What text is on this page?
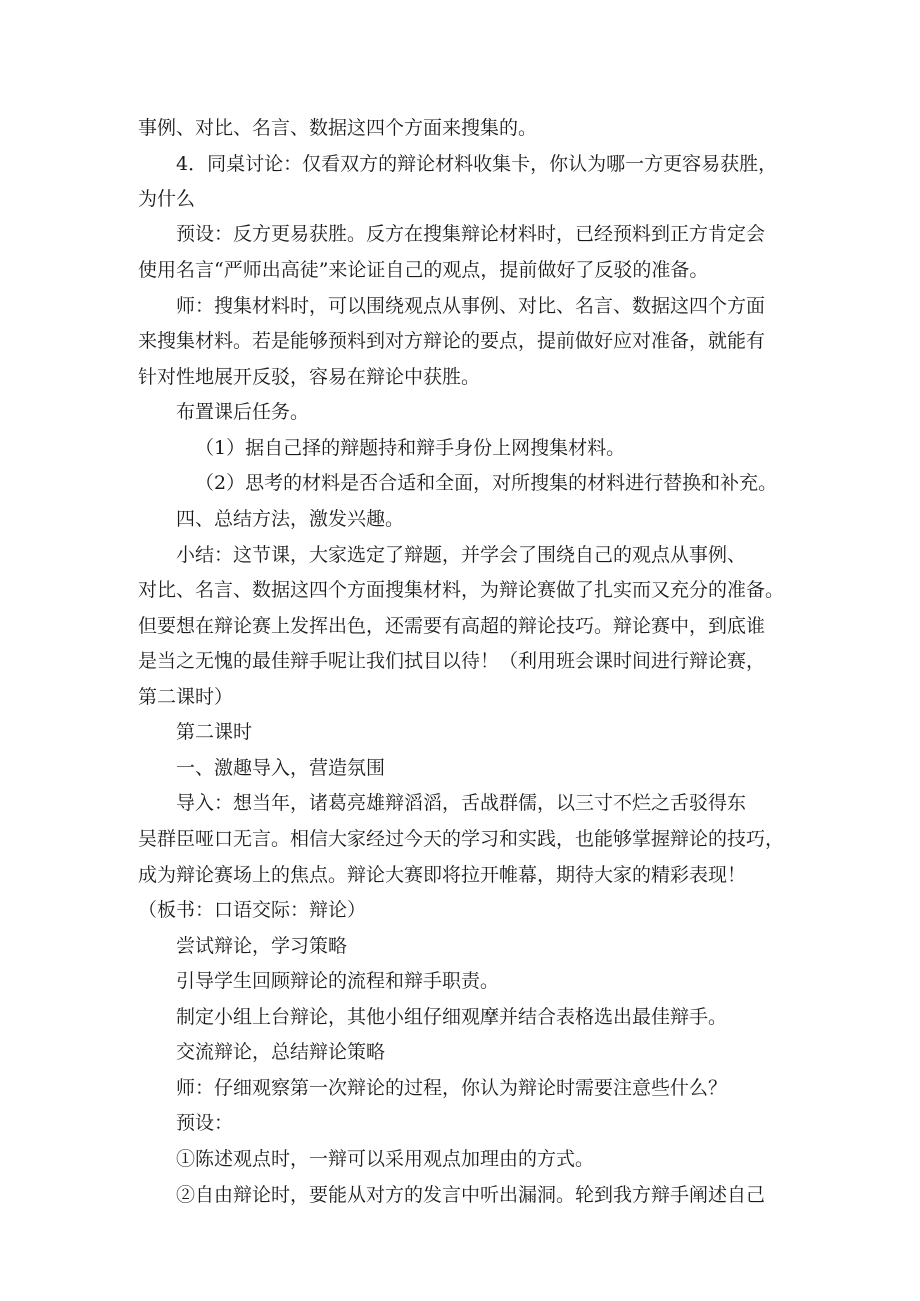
事例、对比、名言、数据这四个方面来搜集的。
4．同桌讨论：仅看双方的辩论材料收集卡，你认为哪一方更容易获胜，
为什么
预设：反方更易获胜。反方在搜集辩论材料时，已经预料到正方肯定会
使用名言“严师出高徒”来论证自己的观点，提前做好了反驳的准备。
师：搜集材料时，可以围绕观点从事例、对比、名言、数据这四个方面
来搜集材料。若是能够预料到对方辩论的要点，提前做好应对准备，就能有
针对性地展开反驳，容易在辩论中获胜。
布置课后任务。
（1）据自己择的辩题持和辩手身份上网搜集材料。
（2）思考的材料是否合适和全面，对所搜集的材料进行替换和补充。
四、总结方法，激发兴趣。
小结：这节课，大家选定了辩题，并学会了围绕自己的观点从事例、
对比、名言、数据这四个方面搜集材料，为辩论赛做了扎实而又充分的准备。
但要想在辩论赛上发挥出色，还需要有高超的辩论技巧。辩论赛中，到底谁
是当之无愧的最佳辩手呢让我们拭目以待！（利用班会课时间进行辩论赛，
第二课时）
第二课时
一、激趣导入，营造氛围
导入：想当年，诸葛亮雄辩滔滔，舌战群儒，以三寸不烂之舌驳得东
吴群臣哑口无言。相信大家经过今天的学习和实践，也能够掌握辩论的技巧，
成为辩论赛场上的焦点。辩论大赛即将拉开帷幕，期待大家的精彩表现！
（板书：口语交际：辩论）
尝试辩论，学习策略
引导学生回顾辩论的流程和辩手职责。
制定小组上台辩论，其他小组仔细观摩并结合表格选出最佳辩手。
交流辩论，总结辩论策略
师：仔细观察第一次辩论的过程，你认为辩论时需要注意些什么？
预设：
①陈述观点时，一辩可以采用观点加理由的方式。
②自由辩论时，要能从对方的发言中听出漏洞。轮到我方辩手阐述自己
